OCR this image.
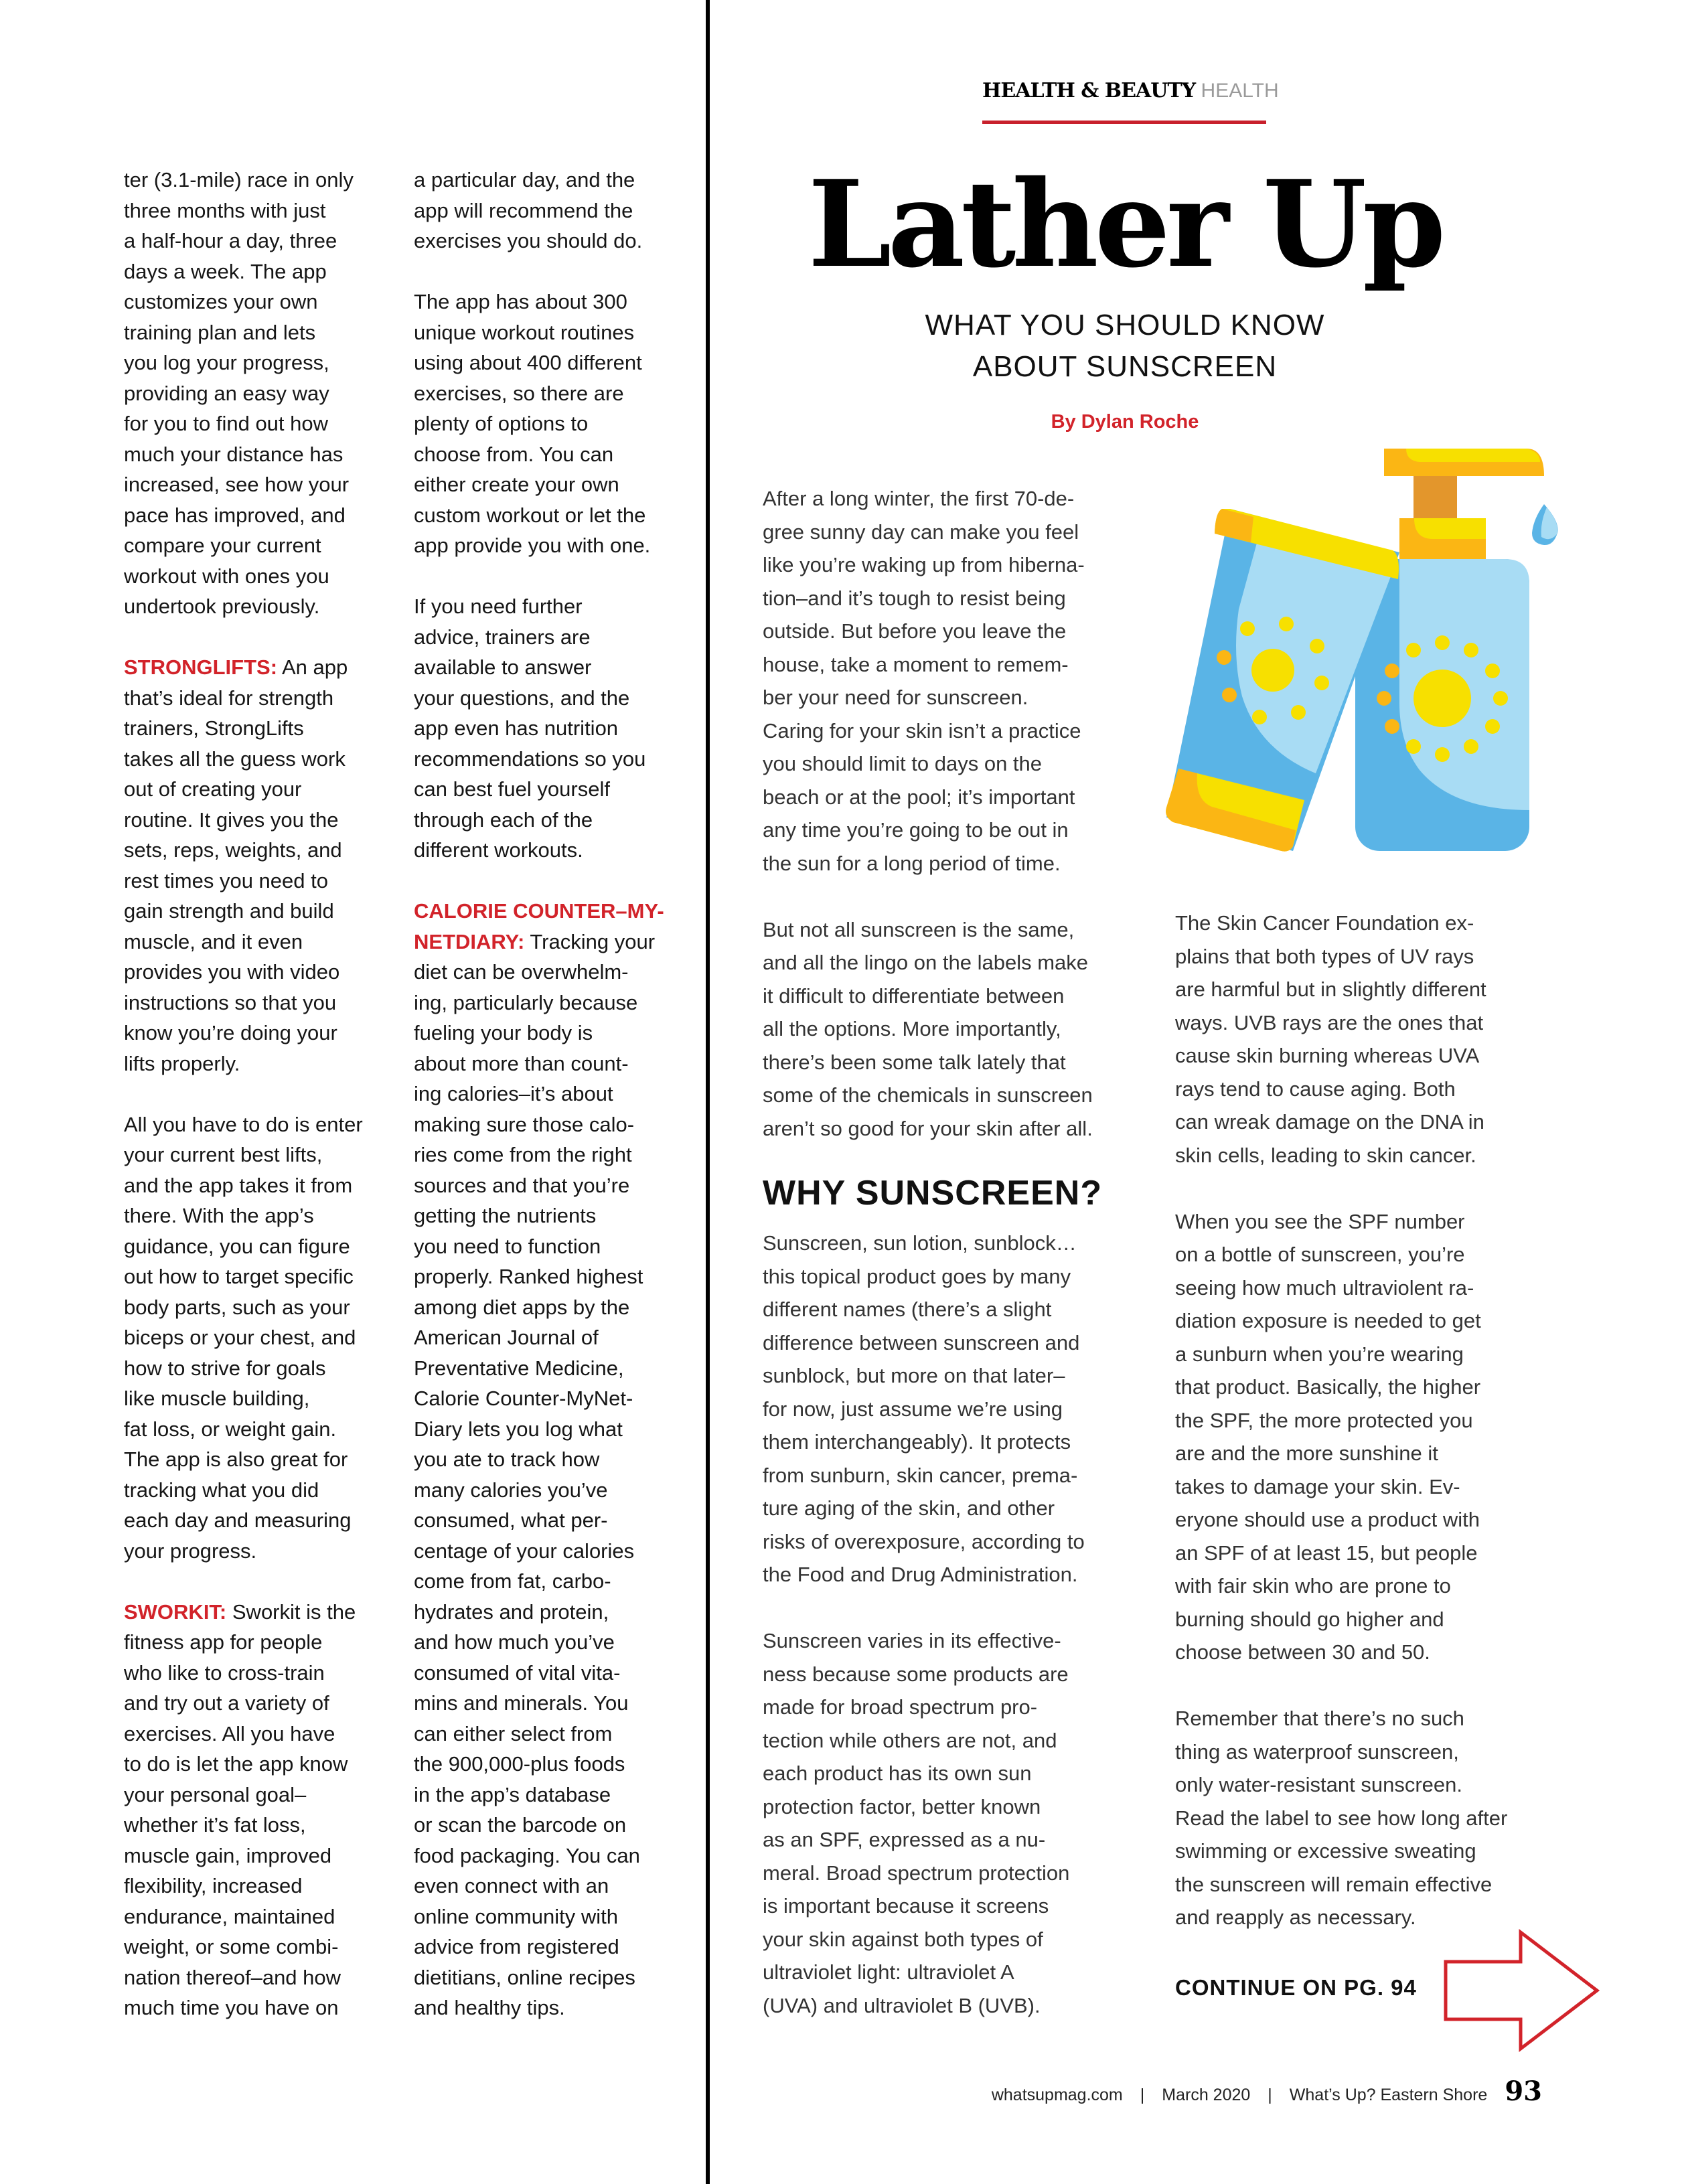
ter (3.1-mile) race in only
three months with just
a half-hour a day, three
days a week. The app
customizes your own
training plan and lets
you log your progress,
providing an easy way
for you to find out how
much your distance has
increased, see how your
pace has improved, and
compare your current
workout with ones you
undertook previously.

STRONGLIFTS: An app
that’s ideal for strength
trainers, StrongLifts
takes all the guess work
out of creating your
routine. It gives you the
sets, reps, weights, and
rest times you need to
gain strength and build
muscle, and it even
provides you with video
instructions so that you
know you’re doing your
lifts properly.

All you have to do is enter
your current best lifts,
and the app takes it from
there. With the app’s
guidance, you can figure
out how to target specific
body parts, such as your
biceps or your chest, and
how to strive for goals
like muscle building,
fat loss, or weight gain.
The app is also great for
tracking what you did
each day and measuring
your progress.

SWORKIT: Sworkit is the
fitness app for people
who like to cross-train
and try out a variety of
exercises. All you have
to do is let the app know
your personal goal–
whether it’s fat loss,
muscle gain, improved
flexibility, increased
endurance, maintained
weight, or some combi-
nation thereof–and how
much time you have on

a particular day, and the
app will recommend the
exercises you should do.

The app has about 300
unique workout routines
using about 400 different
exercises, so there are
plenty of options to
choose from. You can
either create your own
custom workout or let the
app provide you with one.

If you need further
advice, trainers are
available to answer
your questions, and the
app even has nutrition
recommendations so you
can best fuel yourself
through each of the
different workouts.

CALORIE COUNTER–MY-
NETDIARY: Tracking your
diet can be overwhelm-
ing, particularly because
fueling your body is
about more than count-
ing calories–it’s about
making sure those calo-
ries come from the right
sources and that you’re
getting the nutrients
you need to function
properly. Ranked highest
among diet apps by the
American Journal of
Preventative Medicine,
Calorie Counter-MyNet-
Diary lets you log what
you ate to track how
many calories you’ve
consumed, what per-
centage of your calories
come from fat, carbo-
hydrates and protein,
and how much you’ve
consumed of vital vita-
mins and minerals. You
can either select from
the 900,000-plus foods
in the app’s database
or scan the barcode on
food packaging. You can
even connect with an
online community with
advice from registered
dietitians, online recipes
and healthy tips.

HEALTH & BEAUTY HEALTH
Lather Up
WHAT YOU SHOULD KNOW
ABOUT SUNSCREEN
By Dylan Roche

After a long winter, the first 70-de-
gree sunny day can make you feel
like you’re waking up from hiberna-
tion–and it’s tough to resist being
outside. But before you leave the
house, take a moment to remem-
ber your need for sunscreen.
Caring for your skin isn’t a practice
you should limit to days on the
beach or at the pool; it’s important
any time you’re going to be out in
the sun for a long period of time.

But not all sunscreen is the same,
and all the lingo on the labels make
it difficult to differentiate between
all the options. More importantly,
there’s been some talk lately that
some of the chemicals in sunscreen
aren’t so good for your skin after all.

WHY SUNSCREEN?

Sunscreen, sun lotion, sunblock…
this topical product goes by many
different names (there’s a slight
difference between sunscreen and
sunblock, but more on that later–
for now, just assume we’re using
them interchangeably). It protects
from sunburn, skin cancer, prema-
ture aging of the skin, and other
risks of overexposure, according to
the Food and Drug Administration.

Sunscreen varies in its effective-
ness because some products are
made for broad spectrum pro-
tection while others are not, and
each product has its own sun
protection factor, better known
as an SPF, expressed as a nu-
meral. Broad spectrum protection
is important because it screens
your skin against both types of
ultraviolet light: ultraviolet A
(UVA) and ultraviolet B (UVB).

The Skin Cancer Foundation ex-
plains that both types of UV rays
are harmful but in slightly different
ways. UVB rays are the ones that
cause skin burning whereas UVA
rays tend to cause aging. Both
can wreak damage on the DNA in
skin cells, leading to skin cancer.

When you see the SPF number
on a bottle of sunscreen, you’re
seeing how much ultraviolent ra-
diation exposure is needed to get
a sunburn when you’re wearing
that product. Basically, the higher
the SPF, the more protected you
are and the more sunshine it
takes to damage your skin. Ev-
eryone should use a product with
an SPF of at least 15, but people
with fair skin who are prone to
burning should go higher and
choose between 30 and 50.

Remember that there’s no such
thing as waterproof sunscreen,
only water-resistant sunscreen.
Read the label to see how long after
swimming or excessive sweating
the sunscreen will remain effective
and reapply as necessary.

CONTINUE ON PG. 94
whatsupmag.com | March 2020 | What’s Up? Eastern Shore 93
